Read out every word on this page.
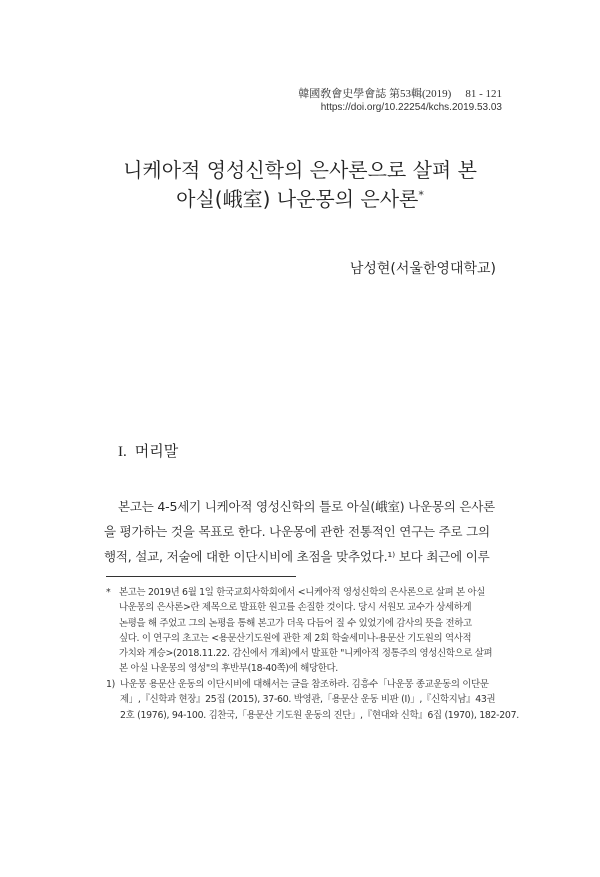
韓國敎會史學會誌 第53輯(2019) 81 - 121
https://doi.org/10.22254/kchs.2019.53.03
니케아적 영성신학의 은사론으로 살펴 본
아실(峨室) 나운몽의 은사론*
남성현(서울한영대학교)
I. 머리말
본고는 4-5세기 니케아적 영성신학의 틀로 아실(峨室) 나운몽의 은사론
을 평가하는 것을 목표로 한다. 나운몽에 관한 전통적인 연구는 주로 그의
행적, 설교, 저술에 대한 이단시비에 초점을 맞추었다.¹⁾ 보다 최근에 이루
* 본고는 2019년 6월 1일 한국교회사학회에서 <니케아적 영성신학의 은사론으로 살펴 본 아실
나운몽의 은사론>란 제목으로 발표한 원고를 손질한 것이다. 당시 서원모 교수가 상세하게
논평을 해 주었고 그의 논평을 통해 본고가 더욱 다듬어 질 수 있었기에 감사의 뜻을 전하고
싶다. 이 연구의 초고는 <용문산기도원에 관한 제 2회 학술세미나-용문산 기도원의 역사적
가치와 계승>(2018.11.22. 감신에서 개최)에서 발표한 "니케아적 정통주의 영성신학으로 살펴
본 아실 나운몽의 영성"의 후반부(18-40쪽)에 해당한다.
1) 나운몽 용문산 운동의 이단시비에 대해서는 글을 참조하라. 김흥수「나운몽 종교운동의 이단문
제」,『신학과 현장』25집 (2015), 37-60. 박영관,「용문산 운동 비판 (I)」,『신학지남』43권
2호 (1976), 94-100. 김찬국,「용문산 기도원 운동의 진단」,『현대와 신학』6집 (1970), 182-207.
